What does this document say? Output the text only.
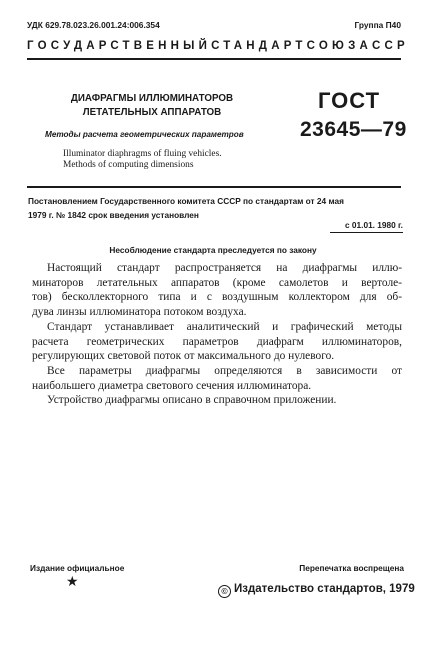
УДК 629.78.023.26.001.24:006.354	Группа П40
ГОСУДАРСТВЕННЫЙ СТАНДАРТ СОЮЗА ССР
ДИАФРАГМЫ ИЛЛЮМИНАТОРОВ
ЛЕТАТЕЛЬНЫХ АППАРАТОВ
Методы расчета геометрических параметров
Illuminator diaphragms of fluing vehicles.
Methods of computing dimensions
ГОСТ
23645—79
Постановлением Государственного комитета СССР по стандартам от 24 мая
1979 г. № 1842 срок введения установлен
с 01.01. 1980 г.
Несоблюдение стандарта преследуется по закону
Настоящий стандарт распространяется на диафрагмы иллю-
минаторов летательных аппаратов (кроме самолетов и вертоле-
тов) бесколлекторного типа и с воздушным коллектором для об-
дува линзы иллюминатора потоком воздуха.
Стандарт устанавливает аналитический и графический методы
расчета геометрических параметров диафрагм иллюминаторов,
регулирующих световой поток от максимального до нулевого.
Все параметры диафрагмы определяются в зависимости от
наибольшего диаметра светового сечения иллюминатора.
Устройство диафрагмы описано в справочном приложении.
Издание официальное	Перепечатка воспрещена
★
© Издательство стандартов, 1979
